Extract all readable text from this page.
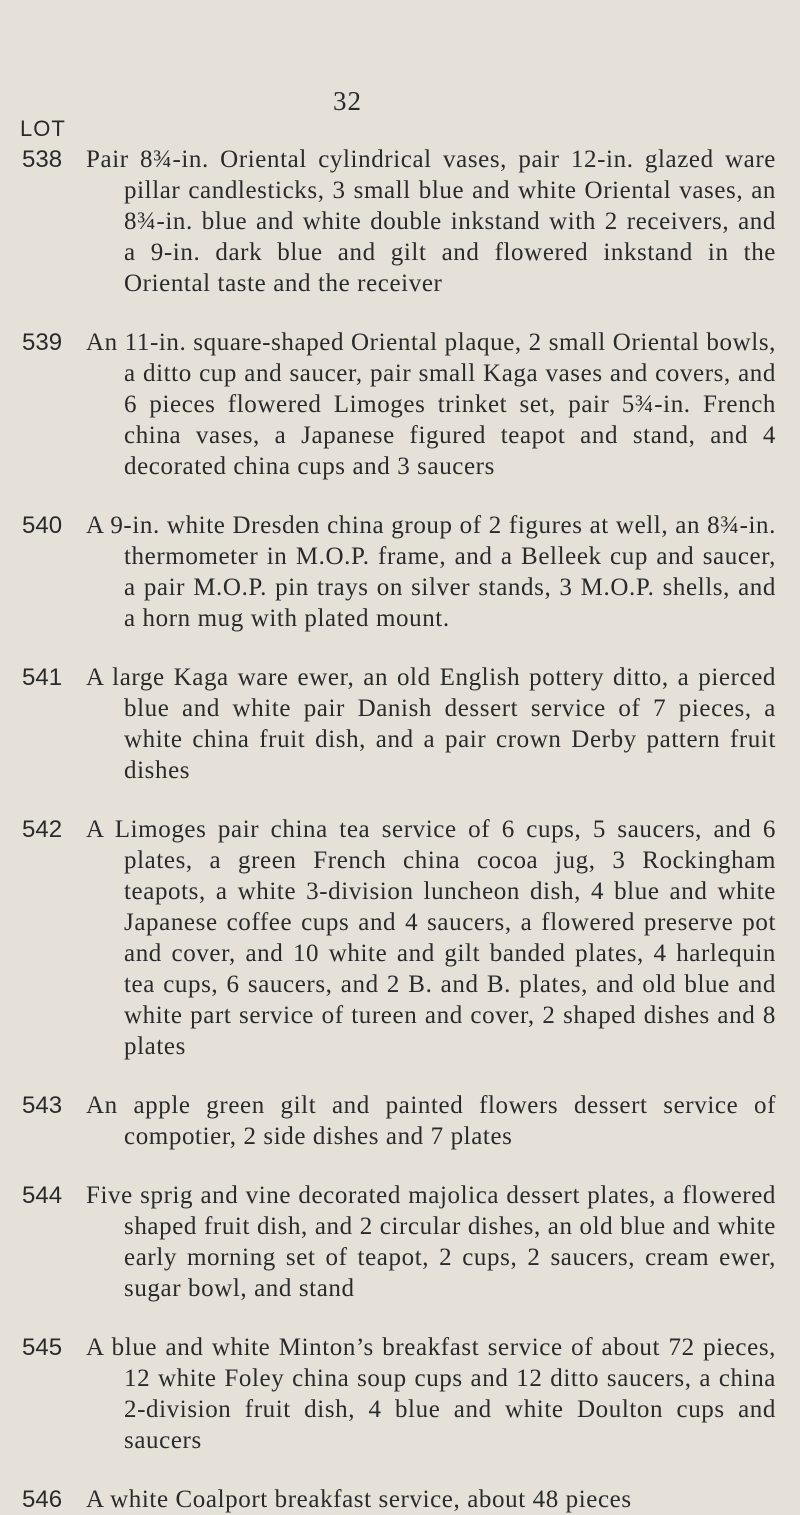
32
LOT
538 Pair 8¾-in. Oriental cylindrical vases, pair 12-in. glazed ware pillar candlesticks, 3 small blue and white Oriental vases, an 8¾-in. blue and white double inkstand with 2 receivers, and a 9-in. dark blue and gilt and flowered inkstand in the Oriental taste and the receiver
539 An 11-in. square-shaped Oriental plaque, 2 small Oriental bowls, a ditto cup and saucer, pair small Kaga vases and covers, and 6 pieces flowered Limoges trinket set, pair 5¾-in. French china vases, a Japanese figured teapot and stand, and 4 decorated china cups and 3 saucers
540 A 9-in. white Dresden china group of 2 figures at well, an 8¾-in. thermometer in M.O.P. frame, and a Belleek cup and saucer, a pair M.O.P. pin trays on silver stands, 3 M.O.P. shells, and a horn mug with plated mount.
541 A large Kaga ware ewer, an old English pottery ditto, a pierced blue and white pair Danish dessert service of 7 pieces, a white china fruit dish, and a pair crown Derby pattern fruit dishes
542 A Limoges pair china tea service of 6 cups, 5 saucers, and 6 plates, a green French china cocoa jug, 3 Rockingham teapots, a white 3-division luncheon dish, 4 blue and white Japanese coffee cups and 4 saucers, a flowered preserve pot and cover, and 10 white and gilt banded plates, 4 harlequin tea cups, 6 saucers, and 2 B. and B. plates, and old blue and white part service of tureen and cover, 2 shaped dishes and 8 plates
543 An apple green gilt and painted flowers dessert service of compotier, 2 side dishes and 7 plates
544 Five sprig and vine decorated majolica dessert plates, a flowered shaped fruit dish, and 2 circular dishes, an old blue and white early morning set of teapot, 2 cups, 2 saucers, cream ewer, sugar bowl, and stand
545 A blue and white Minton’s breakfast service of about 72 pieces, 12 white Foley china soup cups and 12 ditto saucers, a china 2-division fruit dish, 4 blue and white Doulton cups and saucers
546 A white Coalport breakfast service, about 48 pieces
